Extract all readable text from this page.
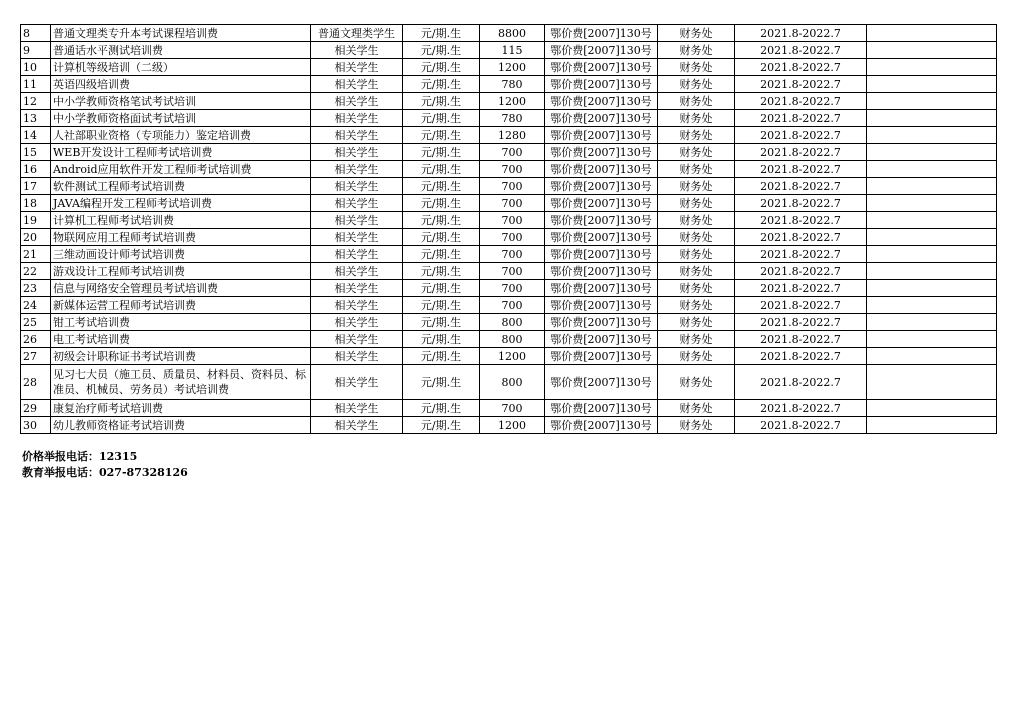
8	普通文理类专升本考试课程培训费	普通文理类学生	元/期.生	8800	鄂价费[2007]130号	财务处	2021.8-2022.7	
9	普通话水平测试培训费	相关学生	元/期.生	115	鄂价费[2007]130号	财务处	2021.8-2022.7	
10	计算机等级培训（二级）	相关学生	元/期.生	1200	鄂价费[2007]130号	财务处	2021.8-2022.7	
11	英语四级培训费	相关学生	元/期.生	780	鄂价费[2007]130号	财务处	2021.8-2022.7	
12	中小学教师资格笔试考试培训	相关学生	元/期.生	1200	鄂价费[2007]130号	财务处	2021.8-2022.7	
13	中小学教师资格面试考试培训	相关学生	元/期.生	780	鄂价费[2007]130号	财务处	2021.8-2022.7	
14	人社部职业资格（专项能力）鉴定培训费	相关学生	元/期.生	1280	鄂价费[2007]130号	财务处	2021.8-2022.7	
15	WEB开发设计工程师考试培训费	相关学生	元/期.生	700	鄂价费[2007]130号	财务处	2021.8-2022.7	
16	Android应用软件开发工程师考试培训费	相关学生	元/期.生	700	鄂价费[2007]130号	财务处	2021.8-2022.7	
17	软件测试工程师考试培训费	相关学生	元/期.生	700	鄂价费[2007]130号	财务处	2021.8-2022.7	
18	JAVA编程开发工程师考试培训费	相关学生	元/期.生	700	鄂价费[2007]130号	财务处	2021.8-2022.7	
19	计算机工程师考试培训费	相关学生	元/期.生	700	鄂价费[2007]130号	财务处	2021.8-2022.7	
20	物联网应用工程师考试培训费	相关学生	元/期.生	700	鄂价费[2007]130号	财务处	2021.8-2022.7	
21	三维动画设计师考试培训费	相关学生	元/期.生	700	鄂价费[2007]130号	财务处	2021.8-2022.7	
22	游戏设计工程师考试培训费	相关学生	元/期.生	700	鄂价费[2007]130号	财务处	2021.8-2022.7	
23	信息与网络安全管理员考试培训费	相关学生	元/期.生	700	鄂价费[2007]130号	财务处	2021.8-2022.7	
24	新媒体运营工程师考试培训费	相关学生	元/期.生	700	鄂价费[2007]130号	财务处	2021.8-2022.7	
25	钳工考试培训费	相关学生	元/期.生	800	鄂价费[2007]130号	财务处	2021.8-2022.7	
26	电工考试培训费	相关学生	元/期.生	800	鄂价费[2007]130号	财务处	2021.8-2022.7	
27	初级会计职称证书考试培训费	相关学生	元/期.生	1200	鄂价费[2007]130号	财务处	2021.8-2022.7	
28	见习七大员（施工员、质量员、材料员、资料员、标准员、机械员、劳务员）考试培训费	相关学生	元/期.生	800	鄂价费[2007]130号	财务处	2021.8-2022.7	
29	康复治疗师考试培训费	相关学生	元/期.生	700	鄂价费[2007]130号	财务处	2021.8-2022.7	
30	幼儿教师资格证考试培训费	相关学生	元/期.生	1200	鄂价费[2007]130号	财务处	2021.8-2022.7	
价格举报电话：12315
教育举报电话：027-87328126
